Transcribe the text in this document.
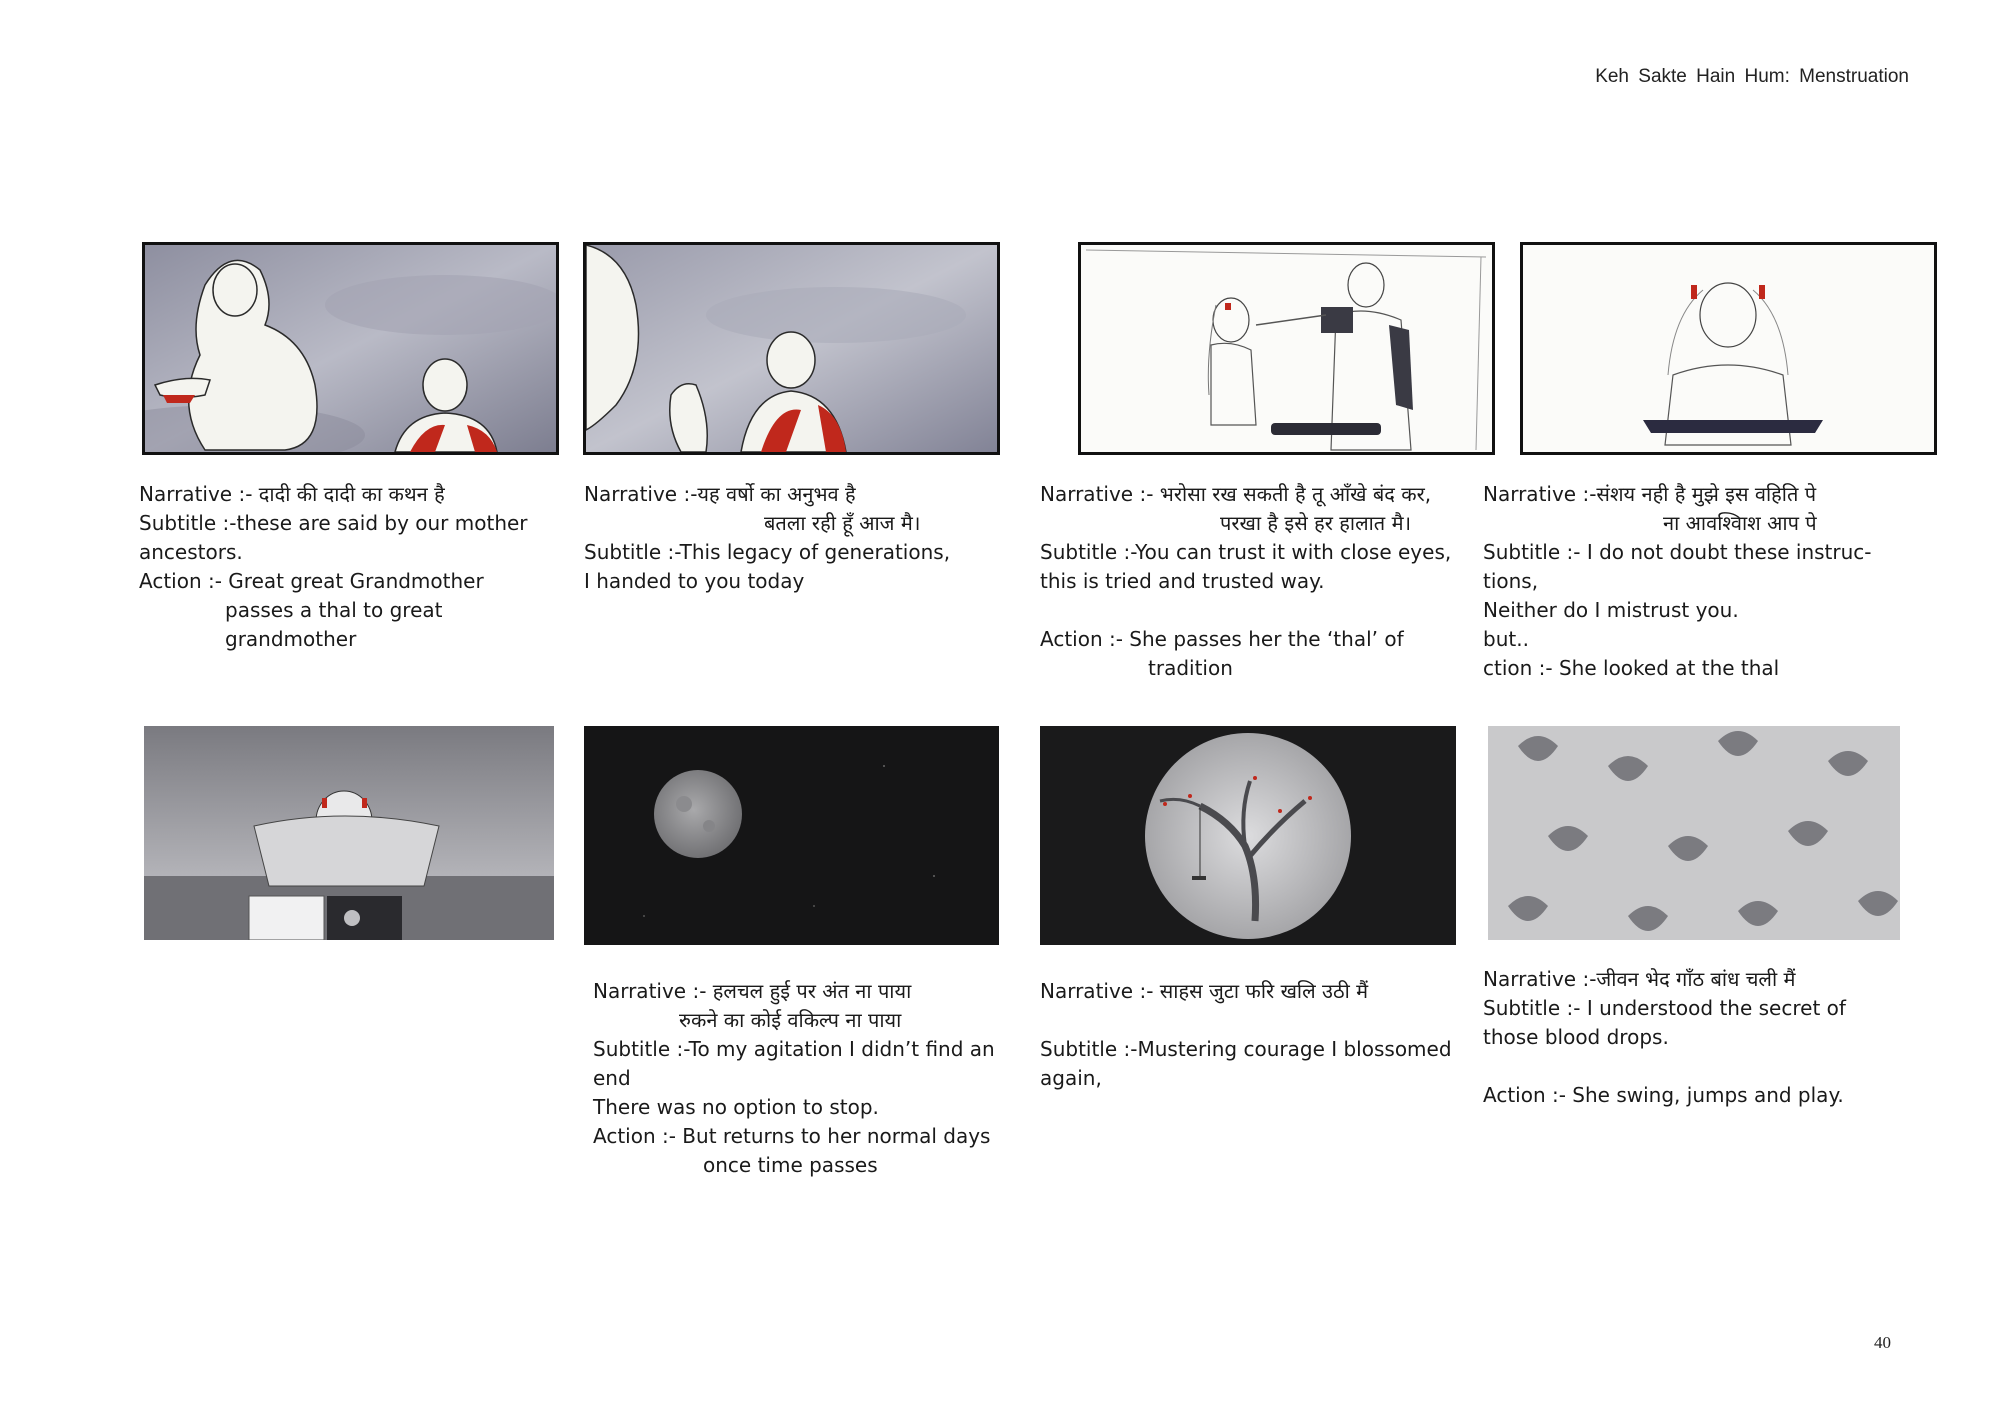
Keh Sakte Hain Hum: Menstruation
Narrative :- दादी की दादी का कथन है
Subtitle :-these are said by our mother
ancestors.
Action :- Great great Grandmother
passes a thal to great
grandmother
Narrative :-यह वर्षो का अनुभव है
बतला रही हूँ आज मै।
Subtitle :-This legacy of generations,
I handed to you today
Narrative :- भरोसा रख सकती है तू आँखे बंद कर,
परखा है इसे हर हालात मै।
Subtitle :-You can trust it with close eyes,
this is tried and trusted way.
Action :- She passes her the ‘thal’ of
tradition
Narrative :-संशय नही है मुझे इस वहिति पे
ना आवश्विाश आप पे
Subtitle :- I do not doubt these instruc-
tions,
Neither do I mistrust you.
but..
ction :- She looked at the thal
Narrative :- हलचल हुई पर अंत ना पाया
रुकने का कोई वकिल्प ना पाया
Subtitle :-To my agitation I didn’t find an
end
There was no option to stop.
Action :- But returns to her normal days
once time passes
Narrative :- साहस जुटा फरि खलि उठी मैं
Subtitle :-Mustering courage I blossomed
again,
Narrative :-जीवन भेद गाँठ बांध चली मैं
Subtitle :- I understood the secret of
those blood drops.
Action :- She swing, jumps and play.
40
